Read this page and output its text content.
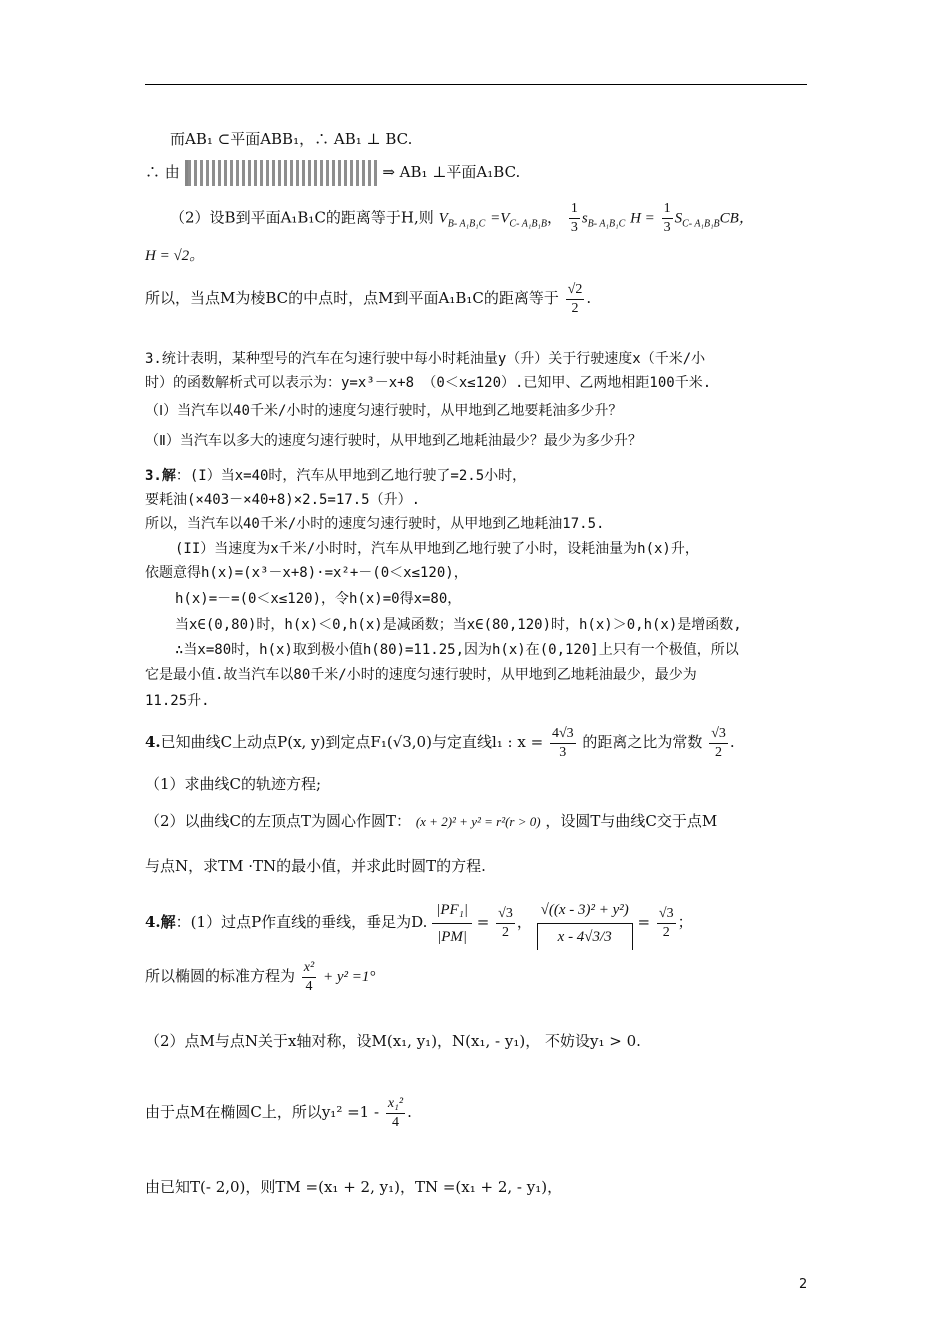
而AB₁ ⊂平面ABB₁，∴ AB₁ ⊥ BC.
∴ 由	⇒ AB₁ ⊥平面A₁BC.
（2）设B到平面A₁B₁C的距离等于H,则 $V_{B- A_1B_1C} =V_{C- A_1B_1B}$， $\frac{1}{3} s_{B- A_1B_1C}$ $H = \frac{1}{3} S_{C- A_1B_1B}CB$，
H = √2。
所以，当点M为棱BC的中点时，点M到平面A₁B₁C的距离等于 $\frac{√2}{2}$ .
3.统计表明，某种型号的汽车在匀速行驶中每小时耗油量y（升）关于行驶速度x（千米/小
时）的函数解析式可以表示为：y=x³－x+8 （0＜x≤120）.已知甲、乙两地相距100千米.
（Ⅰ）当汽车以40千米/小时的速度匀速行驶时，从甲地到乙地要耗油多少升？
（Ⅱ）当汽车以多大的速度匀速行驶时，从甲地到乙地耗油最少？最少为多少升？
3.解：(I）当x=40时，汽车从甲地到乙地行驶了=2.5小时，
要耗油(×403－×40+8)×2.5=17.5（升）.
所以，当汽车以40千米/小时的速度匀速行驶时，从甲地到乙地耗油17.5.
(II）当速度为x千米/小时时，汽车从甲地到乙地行驶了小时，设耗油量为h(x)升，
依题意得h(x)=(x³－x+8)·=x²+－(0＜x≤120)，
h(x)=－=(0＜x≤120)，令h(x)=0得x=80，
当x∈(0,80)时，h(x)＜0,h(x)是减函数；当x∈(80,120)时，h(x)＞0,h(x)是增函数,
∴当x=80时，h(x)取到极小值h(80)=11.25,因为h(x)在(0,120]上只有一个极值，所以
它是最小值.故当汽车以80千米/小时的速度匀速行驶时，从甲地到乙地耗油最少，最少为
11.25升.
4.已知曲线C上动点P(x, y)到定点F₁(√3,0)与定直线l₁ : $x = \frac{4√3}{3}$ 的距离之比为常数 $\frac{√3}{2}$ .
（1）求曲线C的轨迹方程;
（2）以曲线C的左顶点T为圆心作圆T： (x + 2)² + y² = r²(r > 0) ，设圆T与曲线C交于点M
与点N，求TM ·TN的最小值，并求此时圆T的方程.
4.解：(1）过点P作直线的垂线，垂足为D. $\frac{\text{|PF₁|}}{|PM|} = \frac{√3}{2}$ ， $\frac{\text{√((x - 3)² + y²)}}{x - 4√3/3} = \frac{√3}{2}$ ；
所以椭圆的标准方程为 $\frac{\text{x²}}{4} + y^2 =1^\circ$
（2）点M与点N关于x轴对称，设M(x₁, y₁)，N(x₁, - y₁)， 不妨设y₁ > 0.
由于点M在椭圆C上，所以$y_1^2 =1 - \frac{\text{x₁²}}{4}$ .
由已知T(- 2,0)，则TM =(x₁ + 2, y₁)，TN =(x₁ + 2, - y₁)，
2
